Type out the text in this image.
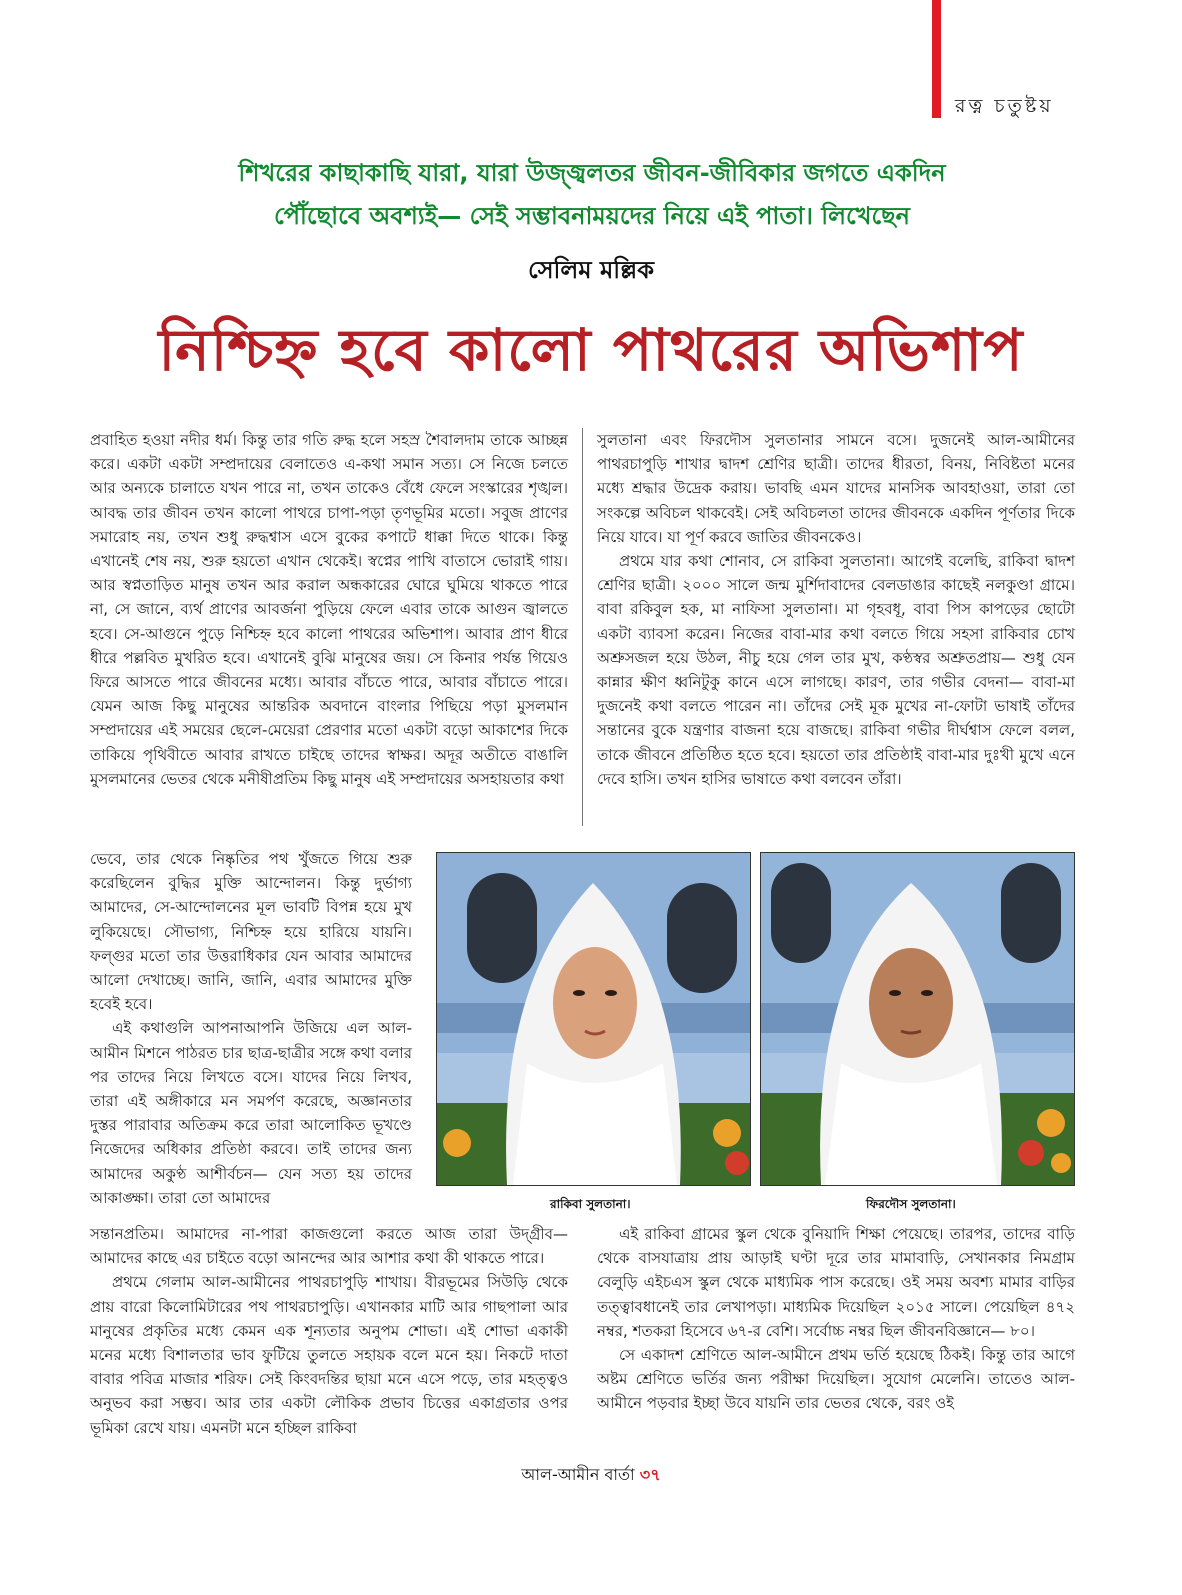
রত্ন চতুষ্টয়
শিখরের কাছাকাছি যারা, যারা উজ্জ্বলতর জীবন-জীবিকার জগতে একদিন
পৌঁছোবে অবশ্যই— সেই সম্ভাবনাময়দের নিয়ে এই পাতা। লিখেছেন
সেলিম মল্লিক
নিশ্চিহ্ন হবে কালো পাথরের অভিশাপ

প্রবাহিত হওয়া নদীর ধর্ম। কিন্তু তার গতি রুদ্ধ হলে সহস্র শৈবালদাম তাকে আচ্ছন্ন করে। একটা একটা সম্প্রদায়ের বেলাতেও এ-কথা সমান সত্য। সে নিজে চলতে আর অন্যকে চালাতে যখন পারে না, তখন তাকেও বেঁধে ফেলে সংস্কারের শৃঙ্খল। আবদ্ধ তার জীবন তখন কালো পাথরে চাপা-পড়া তৃণভূমির মতো। সবুজ প্রাণের সমারোহ নয়, তখন শুধু রুদ্ধশ্বাস এসে বুকের কপাটে ধাক্কা দিতে থাকে। কিন্তু এখানেই শেষ নয়, শুরু হয়তো এখান থেকেই। স্বপ্নের পাখি বাতাসে ভোরাই গায়। আর স্বপ্নতাড়িত মানুষ তখন আর করাল অন্ধকারের ঘোরে ঘুমিয়ে থাকতে পারে না, সে জানে, ব্যর্থ প্রাণের আবর্জনা পুড়িয়ে ফেলে এবার তাকে আগুন জ্বালতে হবে। সে-আগুনে পুড়ে নিশ্চিহ্ন হবে কালো পাথরের অভিশাপ। আবার প্রাণ ধীরে ধীরে পল্লবিত মুখরিত হবে। এখানেই বুঝি মানুষের জয়। সে কিনার পর্যন্ত গিয়েও ফিরে আসতে পারে জীবনের মধ্যে। আবার বাঁচতে পারে, আবার বাঁচাতে পারে। যেমন আজ কিছু মানুষের আন্তরিক অবদানে বাংলার পিছিয়ে পড়া মুসলমান সম্প্রদায়ের এই সময়ের ছেলে-মেয়েরা প্রেরণার মতো একটা বড়ো আকাশের দিকে তাকিয়ে পৃথিবীতে আবার রাখতে চাইছে তাদের স্বাক্ষর। অদূর অতীতে বাঙালি মুসলমানের ভেতর থেকে মনীষীপ্রতিম কিছু মানুষ এই সম্প্রদায়ের অসহায়তার কথা

ভেবে, তার থেকে নিষ্কৃতির পথ খুঁজতে গিয়ে শুরু করেছিলেন বুদ্ধির মুক্তি আন্দোলন। কিন্তু দুর্ভাগ্য আমাদের, সে-আন্দোলনের মূল ভাবটি বিপন্ন হয়ে মুখ লুকিয়েছে। সৌভাগ্য, নিশ্চিহ্ন হয়ে হারিয়ে যায়নি। ফল্গুর মতো তার উত্তরাধিকার যেন আবার আমাদের আলো দেখাচ্ছে। জানি, জানি, এবার আমাদের মুক্তি হবেই হবে।

এই কথাগুলি আপনাআপনি উজিয়ে এল আল-আমীন মিশনে পাঠরত চার ছাত্র-ছাত্রীর সঙ্গে কথা বলার পর তাদের নিয়ে লিখতে বসে। যাদের নিয়ে লিখব, তারা এই অঙ্গীকারে মন সমর্পণ করেছে, অজ্ঞানতার দুস্তর পারাবার অতিক্রম করে তারা আলোকিত ভূখণ্ডে নিজেদের অধিকার প্রতিষ্ঠা করবে। তাই তাদের জন্য আমাদের অকুণ্ঠ আশীর্বচন— যেন সত্য হয় তাদের আকাঙ্ক্ষা। তারা তো আমাদের

সন্তানপ্রতিম। আমাদের না-পারা কাজগুলো করতে আজ তারা উদ্গ্রীব— আমাদের কাছে এর চাইতে বড়ো আনন্দের আর আশার কথা কী থাকতে পারে।

প্রথমে গেলাম আল-আমীনের পাথরচাপুড়ি শাখায়। বীরভূমের সিউড়ি থেকে প্রায় বারো কিলোমিটারের পথ পাথরচাপুড়ি। এখানকার মাটি আর গাছপালা আর মানুষের প্রকৃতির মধ্যে কেমন এক শূন্যতার অনুপম শোভা। এই শোভা একাকী মনের মধ্যে বিশালতার ভাব ফুটিয়ে তুলতে সহায়ক বলে মনে হয়। নিকটে দাতা বাবার পবিত্র মাজার শরিফ। সেই কিংবদন্তির ছায়া মনে এসে পড়ে, তার মহত্ত্বও অনুভব করা সম্ভব। আর তার একটা লৌকিক প্রভাব চিত্তের একাগ্রতার ওপর ভূমিকা রেখে যায়। এমনটা মনে হচ্ছিল রাকিবা

সুলতানা এবং ফিরদৌস সুলতানার সামনে বসে। দুজনেই আল-আমীনের পাথরচাপুড়ি শাখার দ্বাদশ শ্রেণির ছাত্রী। তাদের ধীরতা, বিনয়, নিবিষ্টতা মনের মধ্যে শ্রদ্ধার উদ্রেক করায়। ভাবছি এমন যাদের মানসিক আবহাওয়া, তারা তো সংকল্পে অবিচল থাকবেই। সেই অবিচলতা তাদের জীবনকে একদিন পূর্ণতার দিকে নিয়ে যাবে। যা পূর্ণ করবে জাতির জীবনকেও।

প্রথমে যার কথা শোনাব, সে রাকিবা সুলতানা। আগেই বলেছি, রাকিবা দ্বাদশ শ্রেণির ছাত্রী। ২০০০ সালে জন্ম মুর্শিদাবাদের বেলডাঙার কাছেই নলকুণ্ডা গ্রামে। বাবা রকিবুল হক, মা নাফিসা সুলতানা। মা গৃহবধূ, বাবা পিস কাপড়ের ছোটো একটা ব্যাবসা করেন। নিজের বাবা-মার কথা বলতে গিয়ে সহসা রাকিবার চোখ অশ্রুসজল হয়ে উঠল, নীচু হয়ে গেল তার মুখ, কণ্ঠস্বর অশ্রুতপ্রায়— শুধু যেন কান্নার ক্ষীণ ধ্বনিটুকু কানে এসে লাগছে। কারণ, তার গভীর বেদনা— বাবা-মা দুজনেই কথা বলতে পারেন না। তাঁদের সেই মূক মুখের না-ফোটা ভাষাই তাঁদের সন্তানের বুকে যন্ত্রণার বাজনা হয়ে বাজছে। রাকিবা গভীর দীর্ঘশ্বাস ফেলে বলল, তাকে জীবনে প্রতিষ্ঠিত হতে হবে। হয়তো তার প্রতিষ্ঠাই বাবা-মার দুঃখী মুখে এনে দেবে হাসি। তখন হাসির ভাষাতে কথা বলবেন তাঁরা।

এই রাকিবা গ্রামের স্কুল থেকে বুনিয়াদি শিক্ষা পেয়েছে। তারপর, তাদের বাড়ি থেকে বাসযাত্রায় প্রায় আড়াই ঘণ্টা দূরে তার মামাবাড়ি, সেখানকার নিমগ্রাম বেলুড়ি এইচএস স্কুল থেকে মাধ্যমিক পাস করেছে। ওই সময় অবশ্য মামার বাড়ির তত্ত্বাবধানেই তার লেখাপড়া। মাধ্যমিক দিয়েছিল ২০১৫ সালে। পেয়েছিল ৪৭২ নম্বর, শতকরা হিসেবে ৬৭-র বেশি। সর্বোচ্চ নম্বর ছিল জীবনবিজ্ঞানে— ৮০।

সে একাদশ শ্রেণিতে আল-আমীনে প্রথম ভর্তি হয়েছে ঠিকই। কিন্তু তার আগে অষ্টম শ্রেণিতে ভর্তির জন্য পরীক্ষা দিয়েছিল। সুযোগ মেলেনি। তাতেও আল-আমীনে পড়বার ইচ্ছা উবে যায়নি তার ভেতর থেকে, বরং ওই

রাকিবা সুলতানা।	ফিরদৌস সুলতানা।
আল-আমীন বার্তা ৩৭
